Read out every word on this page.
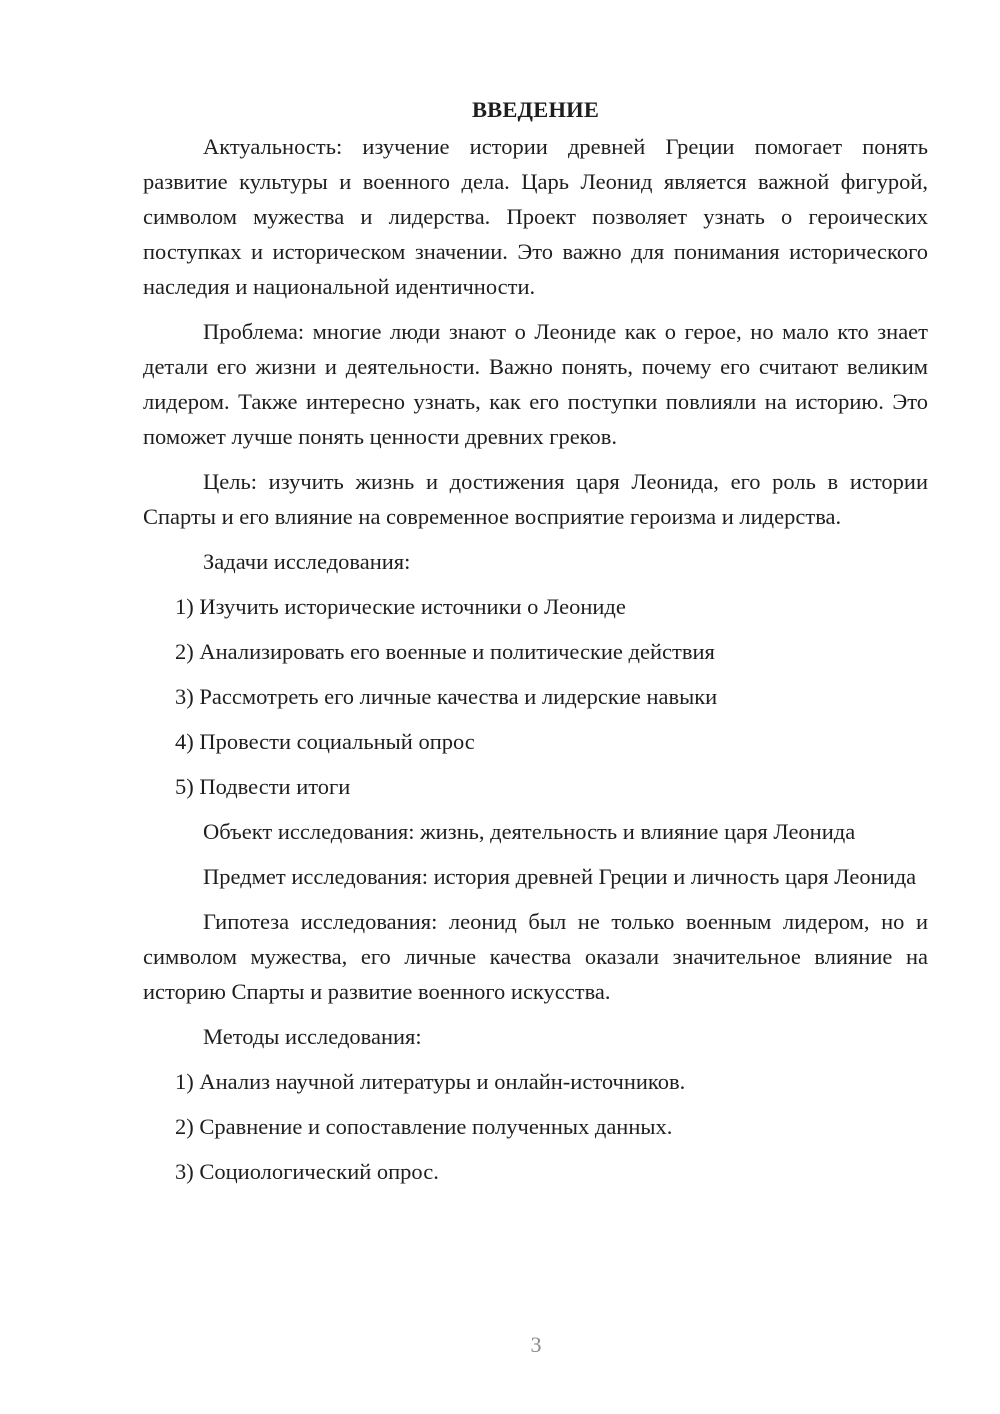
ВВЕДЕНИЕ

Актуальность: изучение истории древней Греции помогает понять развитие культуры и военного дела. Царь Леонид является важной фигурой, символом мужества и лидерства. Проект позволяет узнать о героических поступках и историческом значении. Это важно для понимания исторического наследия и национальной идентичности.

Проблема: многие люди знают о Леониде как о герое, но мало кто знает детали его жизни и деятельности. Важно понять, почему его считают великим лидером. Также интересно узнать, как его поступки повлияли на историю. Это поможет лучше понять ценности древних греков.

Цель: изучить жизнь и достижения царя Леонида, его роль в истории Спарты и его влияние на современное восприятие героизма и лидерства.

Задачи исследования:

1) Изучить исторические источники о Леониде
2) Анализировать его военные и политические действия
3) Рассмотреть его личные качества и лидерские навыки
4) Провести социальный опрос
5) Подвести итоги

Объект исследования: жизнь, деятельность и влияние царя Леонида

Предмет исследования: история древней Греции и личность царя Леонида

Гипотеза исследования: леонид был не только военным лидером, но и символом мужества, его личные качества оказали значительное влияние на историю Спарты и развитие военного искусства.

Методы исследования:

1) Анализ научной литературы и онлайн-источников.
2) Сравнение и сопоставление полученных данных.
3) Социологический опрос.
3
